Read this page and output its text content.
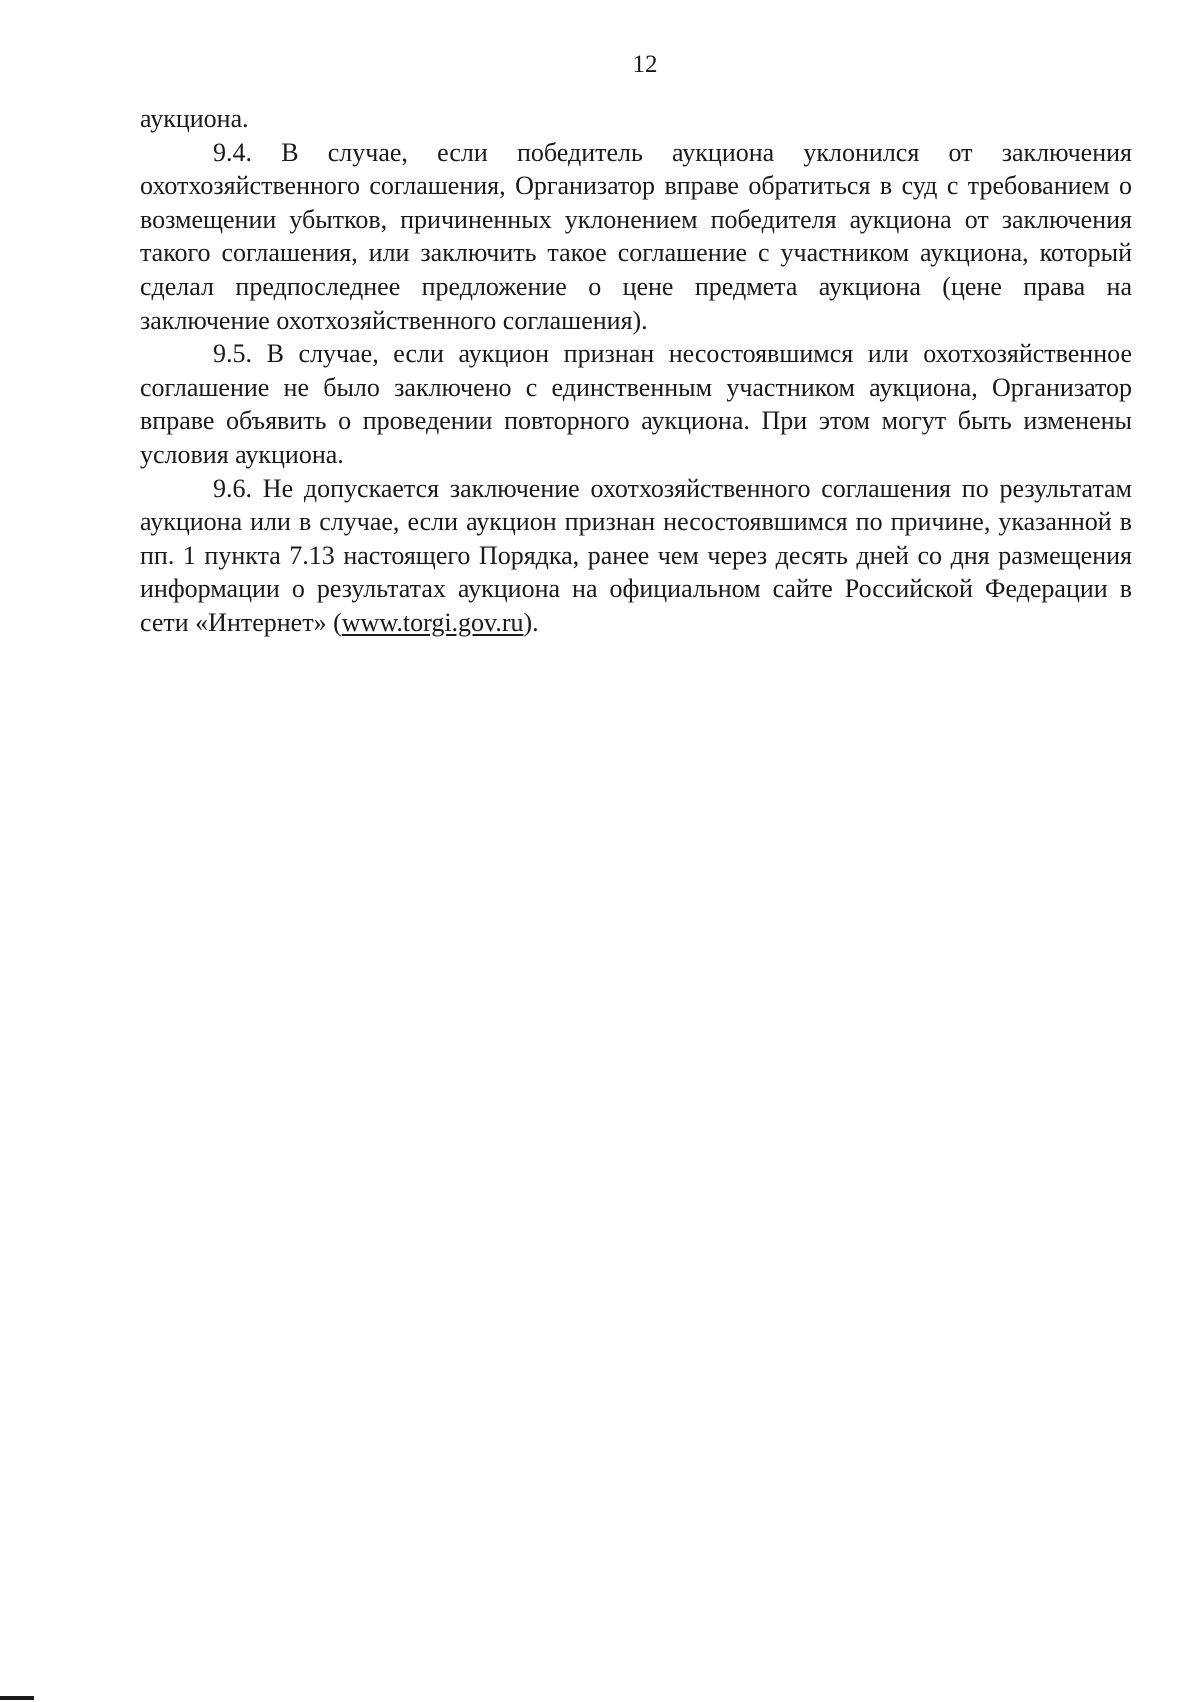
12

аукциона.

9.4. В случае, если победитель аукциона уклонился от заключения охотхозяйственного соглашения, Организатор вправе обратиться в суд с требованием о возмещении убытков, причиненных уклонением победителя аукциона от заключения такого соглашения, или заключить такое соглашение с участником аукциона, который сделал предпоследнее предложение о цене предмета аукциона (цене права на заключение охотхозяйственного соглашения).

9.5. В случае, если аукцион признан несостоявшимся или охотхозяйственное соглашение не было заключено с единственным участником аукциона, Организатор вправе объявить о проведении повторного аукциона. При этом могут быть изменены условия аукциона.

9.6. Не допускается заключение охотхозяйственного соглашения по результатам аукциона или в случае, если аукцион признан несостоявшимся по причине, указанной в пп. 1 пункта 7.13 настоящего Порядка, ранее чем через десять дней со дня размещения информации о результатах аукциона на официальном сайте Российской Федерации в сети «Интернет» (www.torgi.gov.ru).
